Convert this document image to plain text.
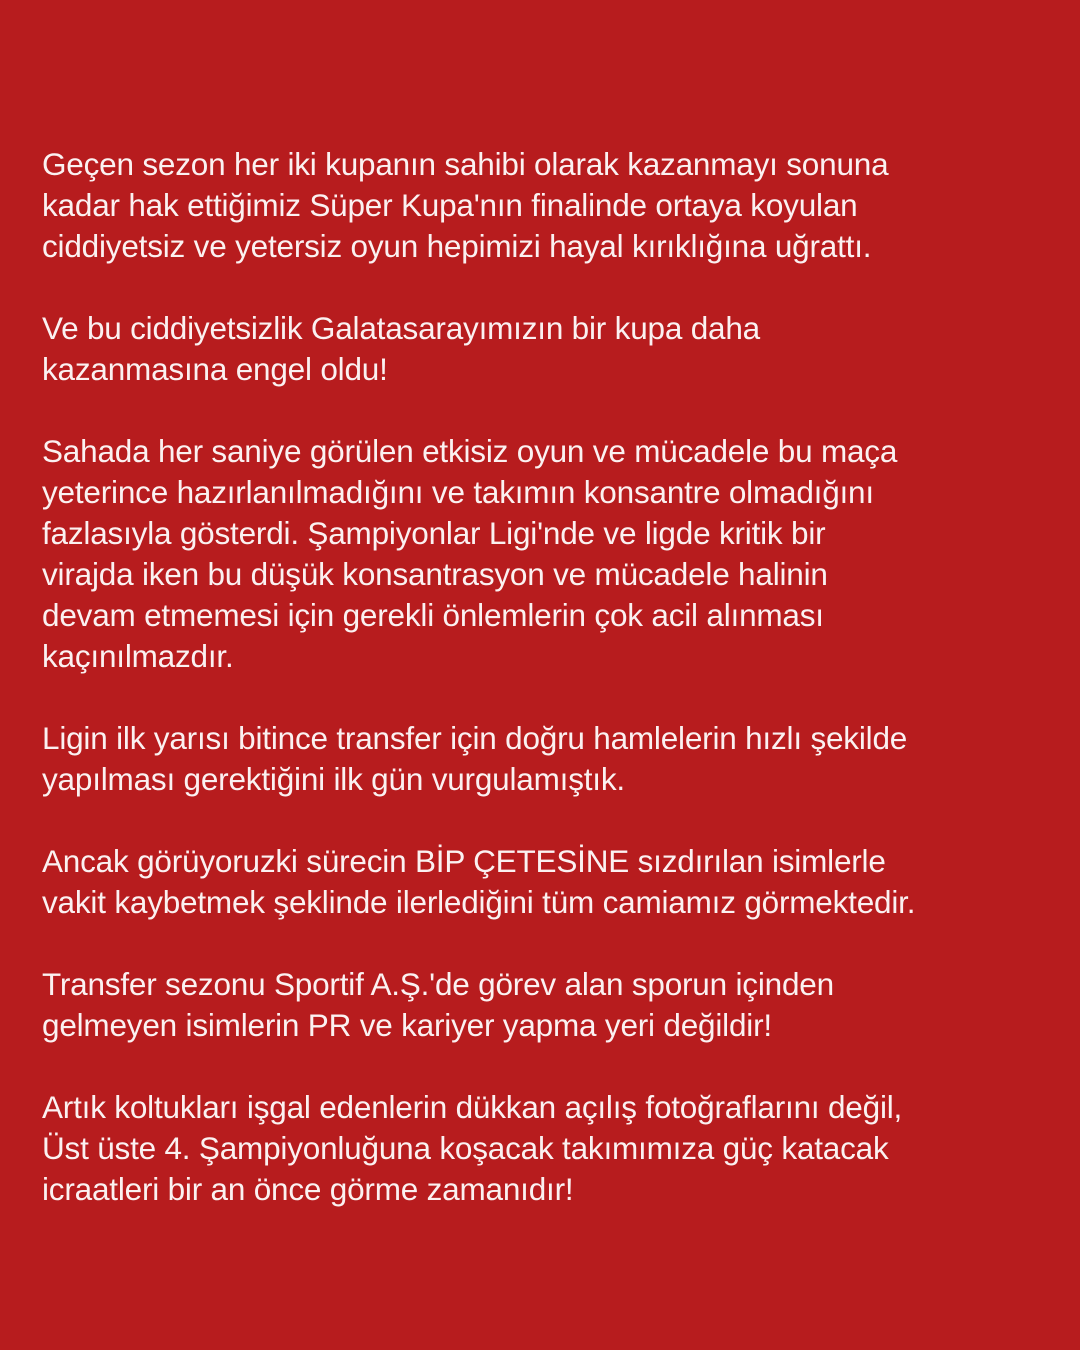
Geçen sezon her iki kupanın sahibi olarak kazanmayı sonuna
kadar hak ettiğimiz Süper Kupa'nın finalinde ortaya koyulan
ciddiyetsiz ve yetersiz oyun hepimizi hayal kırıklığına uğrattı.

Ve bu ciddiyetsizlik Galatasarayımızın bir kupa daha
kazanmasına engel oldu!

Sahada her saniye görülen etkisiz oyun ve mücadele bu maça
yeterince hazırlanılmadığını ve takımın konsantre olmadığını
fazlasıyla gösterdi. Şampiyonlar Ligi'nde ve ligde kritik bir
virajda iken bu düşük konsantrasyon ve mücadele halinin
devam etmemesi için gerekli önlemlerin çok acil alınması
kaçınılmazdır.

Ligin ilk yarısı bitince transfer için doğru hamlelerin hızlı şekilde
yapılması gerektiğini ilk gün vurgulamıştık.

Ancak görüyoruzki sürecin BİP ÇETESİNE sızdırılan isimlerle
vakit kaybetmek şeklinde ilerlediğini tüm camiamız görmektedir.

Transfer sezonu Sportif A.Ş.'de görev alan sporun içinden
gelmeyen isimlerin PR ve kariyer yapma yeri değildir!

Artık koltukları işgal edenlerin dükkan açılış fotoğraflarını değil,
Üst üste 4. Şampiyonluğuna koşacak takımımıza güç katacak
icraatleri bir an önce görme zamanıdır!
